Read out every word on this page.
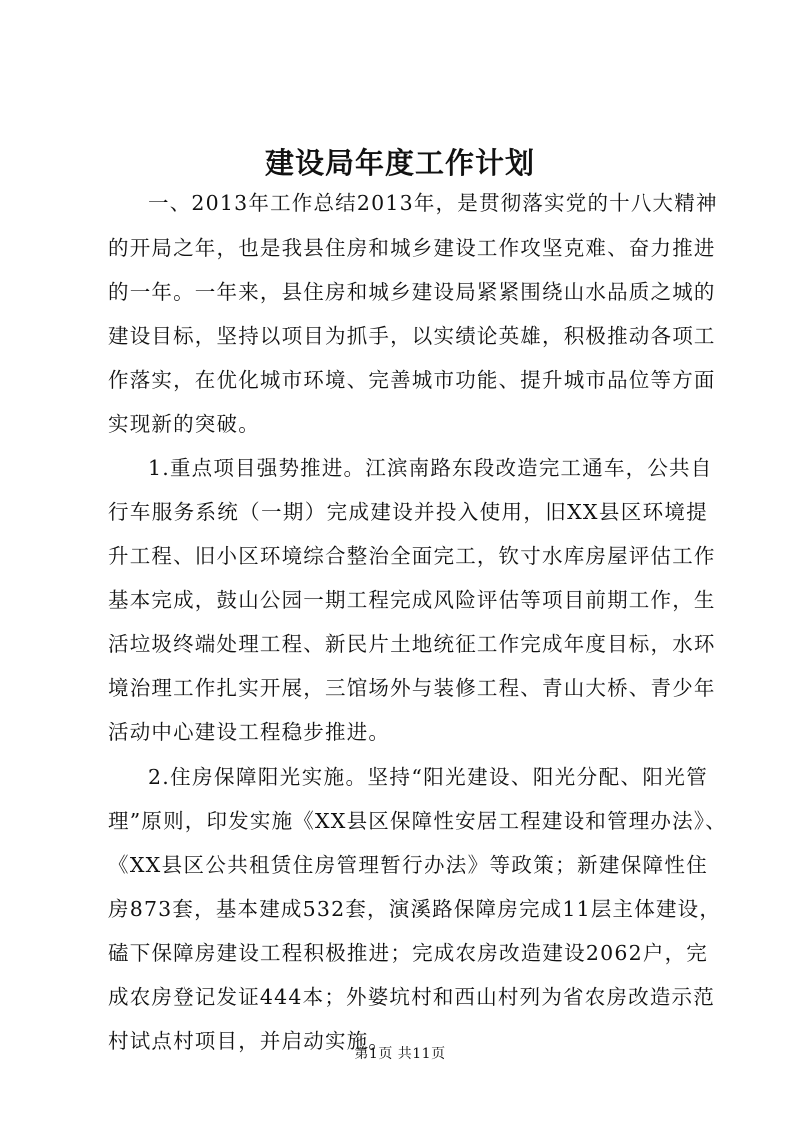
建设局年度工作计划
一、2013年工作总结2013年，是贯彻落实党的十八大精神
的开局之年，也是我县住房和城乡建设工作攻坚克难、奋力推进
的一年。一年来，县住房和城乡建设局紧紧围绕山水品质之城的
建设目标，坚持以项目为抓手，以实绩论英雄，积极推动各项工
作落实，在优化城市环境、完善城市功能、提升城市品位等方面
实现新的突破。
1.重点项目强势推进。江滨南路东段改造完工通车，公共自
行车服务系统（一期）完成建设并投入使用，旧XX县区环境提
升工程、旧小区环境综合整治全面完工，钦寸水库房屋评估工作
基本完成，鼓山公园一期工程完成风险评估等项目前期工作，生
活垃圾终端处理工程、新民片土地统征工作完成年度目标，水环
境治理工作扎实开展，三馆场外与装修工程、青山大桥、青少年
活动中心建设工程稳步推进。
2.住房保障阳光实施。坚持“阳光建设、阳光分配、阳光管
理”原则，印发实施《XX县区保障性安居工程建设和管理办法》、
《XX县区公共租赁住房管理暂行办法》等政策；新建保障性住
房873套，基本建成532套，演溪路保障房完成11层主体建设，
磕下保障房建设工程积极推进；完成农房改造建设2062户，完
成农房登记发证444本；外婆坑村和西山村列为省农房改造示范
村试点村项目，并启动实施。
第1页 共11页
